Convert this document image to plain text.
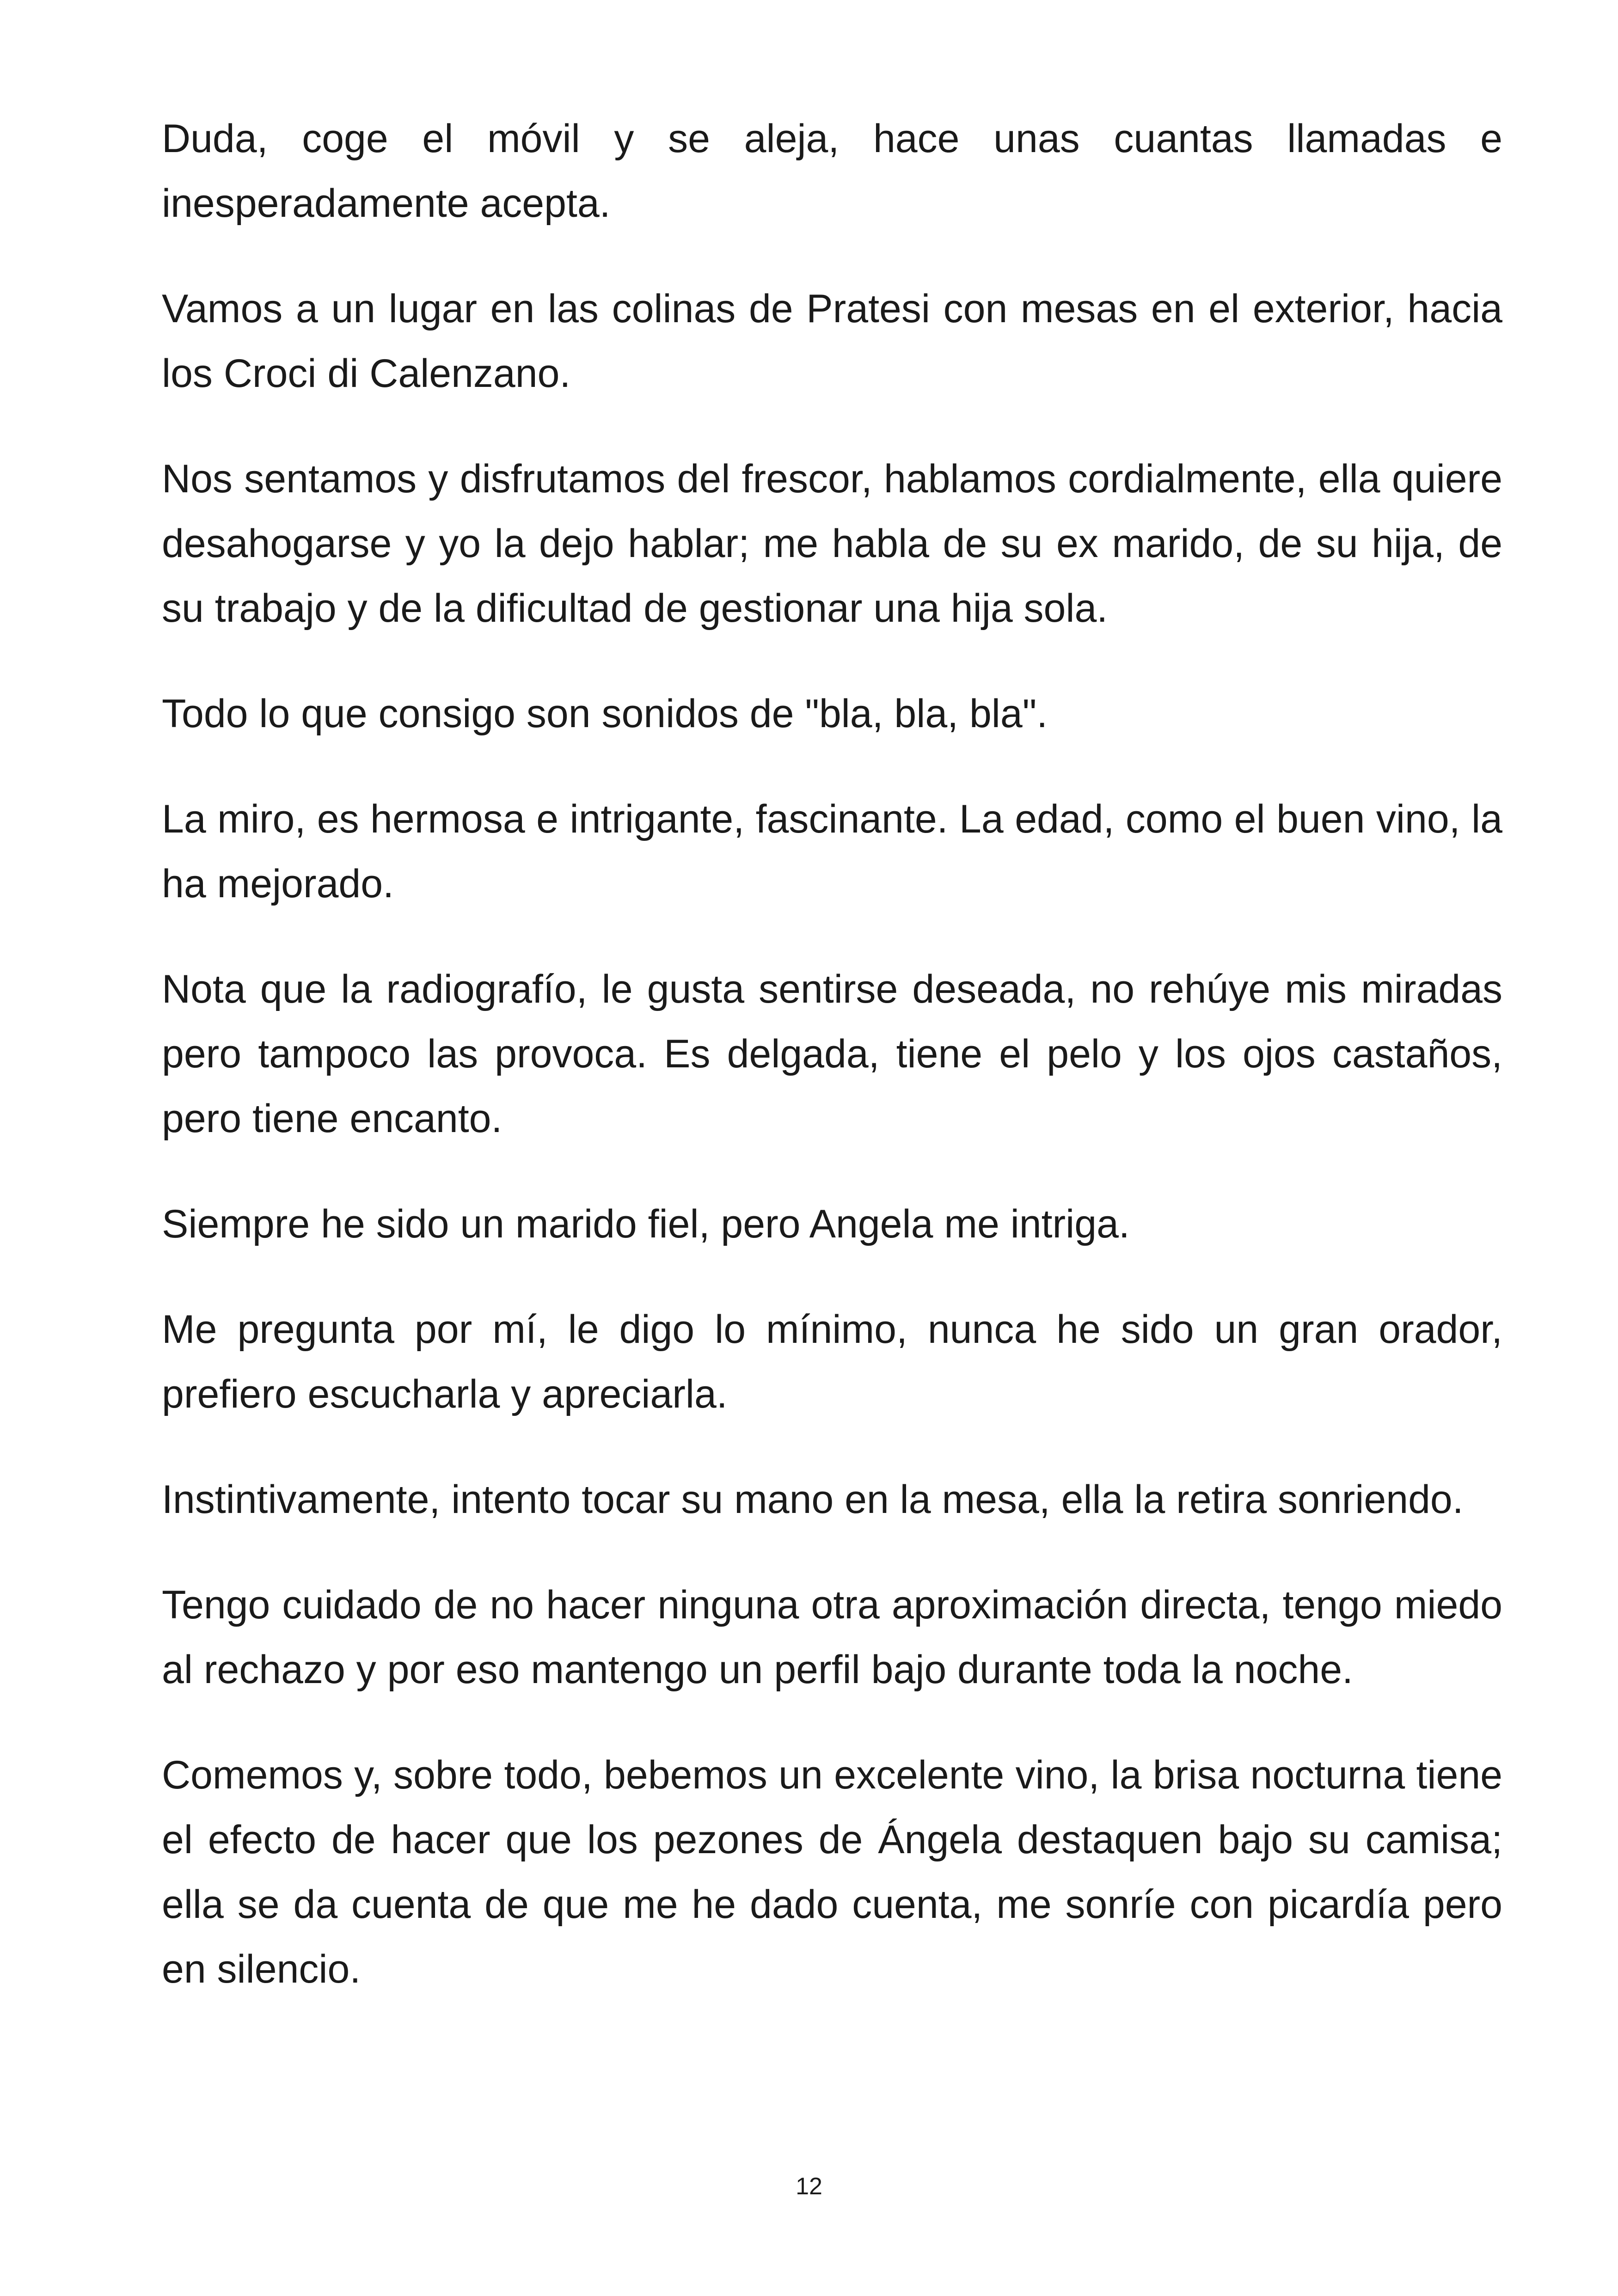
Duda, coge el móvil y se aleja, hace unas cuantas llamadas e inesperadamente acepta.

Vamos a un lugar en las colinas de Pratesi con mesas en el exterior, hacia los Croci di Calenzano.

Nos sentamos y disfrutamos del frescor, hablamos cordialmente, ella quiere desahogarse y yo la dejo hablar; me habla de su ex marido, de su hija, de su trabajo y de la dificultad de gestionar una hija sola.

Todo lo que consigo son sonidos de "bla, bla, bla".

La miro, es hermosa e intrigante, fascinante. La edad, como el buen vino, la ha mejorado.

Nota que la radiografío, le gusta sentirse deseada, no rehúye mis miradas pero tampoco las provoca. Es delgada, tiene el pelo y los ojos castaños, pero tiene encanto.

Siempre he sido un marido fiel, pero Angela me intriga.

Me pregunta por mí, le digo lo mínimo, nunca he sido un gran orador, prefiero escucharla y apreciarla.

Instintivamente, intento tocar su mano en la mesa, ella la retira sonriendo.

Tengo cuidado de no hacer ninguna otra aproximación directa, tengo miedo al rechazo y por eso mantengo un perfil bajo durante toda la noche.

Comemos y, sobre todo, bebemos un excelente vino, la brisa nocturna tiene el efecto de hacer que los pezones de Ángela destaquen bajo su camisa; ella se da cuenta de que me he dado cuenta, me sonríe con picardía pero en silencio.

12
